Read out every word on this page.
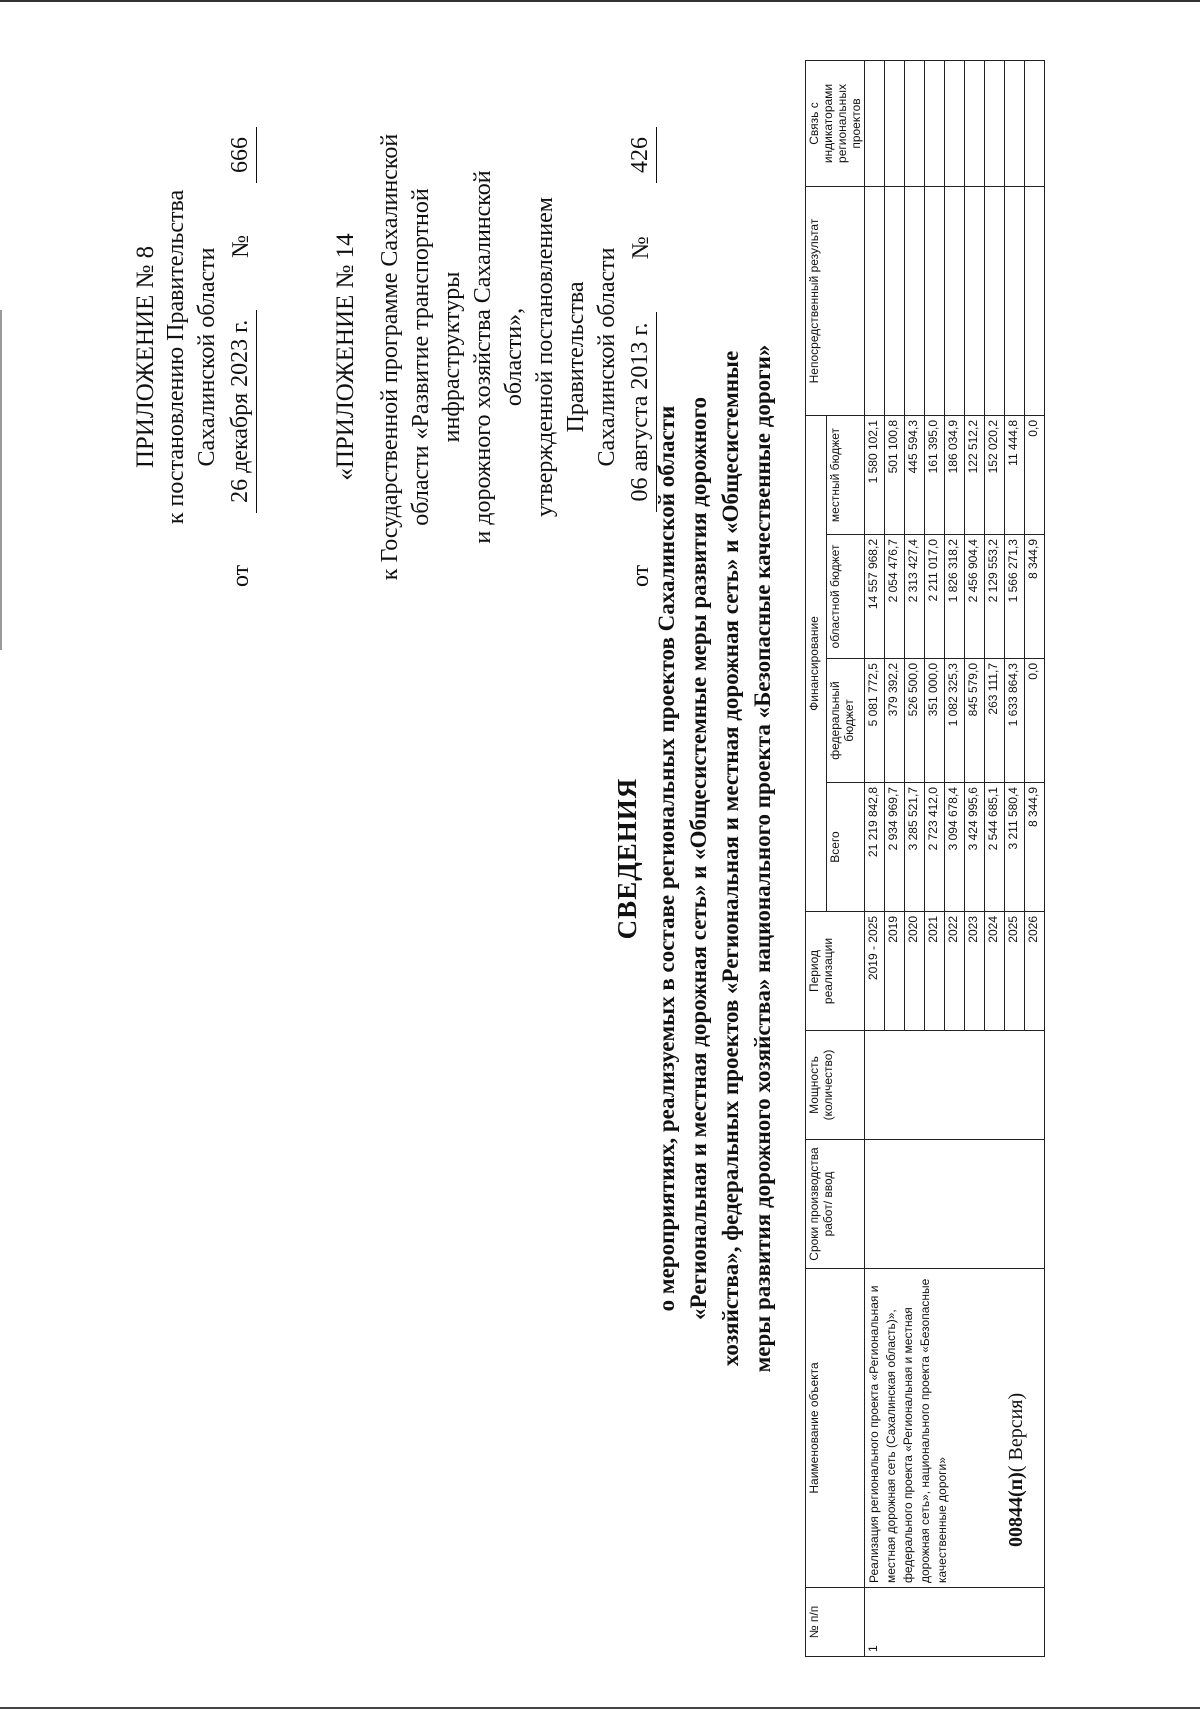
ПРИЛОЖЕНИЕ № 8 к постановлению Правительства Сахалинской области
от
26 декабря 2023 г.
№
666
«ПРИЛОЖЕНИЕ № 14 к Государственной программе Сахалинской области «Развитие транспортной инфраструктуры и дорожного хозяйства Сахалинской области», утвержденной постановлением Правительства Сахалинской области
от
06 августа 2013 г.
№
426
СВЕДЕНИЯ о мероприятиях, реализуемых в составе региональных проектов Сахалинской области «Региональная и местная дорожная сеть» и «Общесистемные меры развития дорожного хозяйства», федеральных проектов «Региональная и местная дорожная сеть» и «Общесистемные меры развития дорожного хозяйства» национального проекта «Безопасные качественные дороги»
№ п/п	Наименование объекта	Сроки производства работ/ ввод	Мощность (количество)	Период реализации	Финансирование				Непосредственный результат	Связь с индикаторами региональных проектов
					Всего	федеральный бюджет	областной бюджет	местный бюджет		
1	Реализация регионального проекта «Региональная и местная дорожная сеть (Сахалинская область)», федерального проекта «Региональная и местная дорожная сеть», национального проекта «Безопасные качественные дороги»			2019 - 2025	21 219 842,8	5 081 772,5	14 557 968,2	1 580 102,1		
				2019	2 934 969,7	379 392,2	2 054 476,7	501 100,8		
				2020	3 285 521,7	526 500,0	2 313 427,4	445 594,3		
				2021	2 723 412,0	351 000,0	2 211 017,0	161 395,0		
				2022	3 094 678,4	1 082 325,3	1 826 318,2	186 034,9		
				2023	3 424 995,6	845 579,0	2 456 904,4	122 512,2		
				2024	2 544 685,1	263 111,7	2 129 553,2	152 020,2		
				2025	3 211 580,4	1 633 864,3	1 566 271,3	11 444,8		
				2026	8 344,9	0,0	8 344,9	0,0		
00844(п)( Версия)
